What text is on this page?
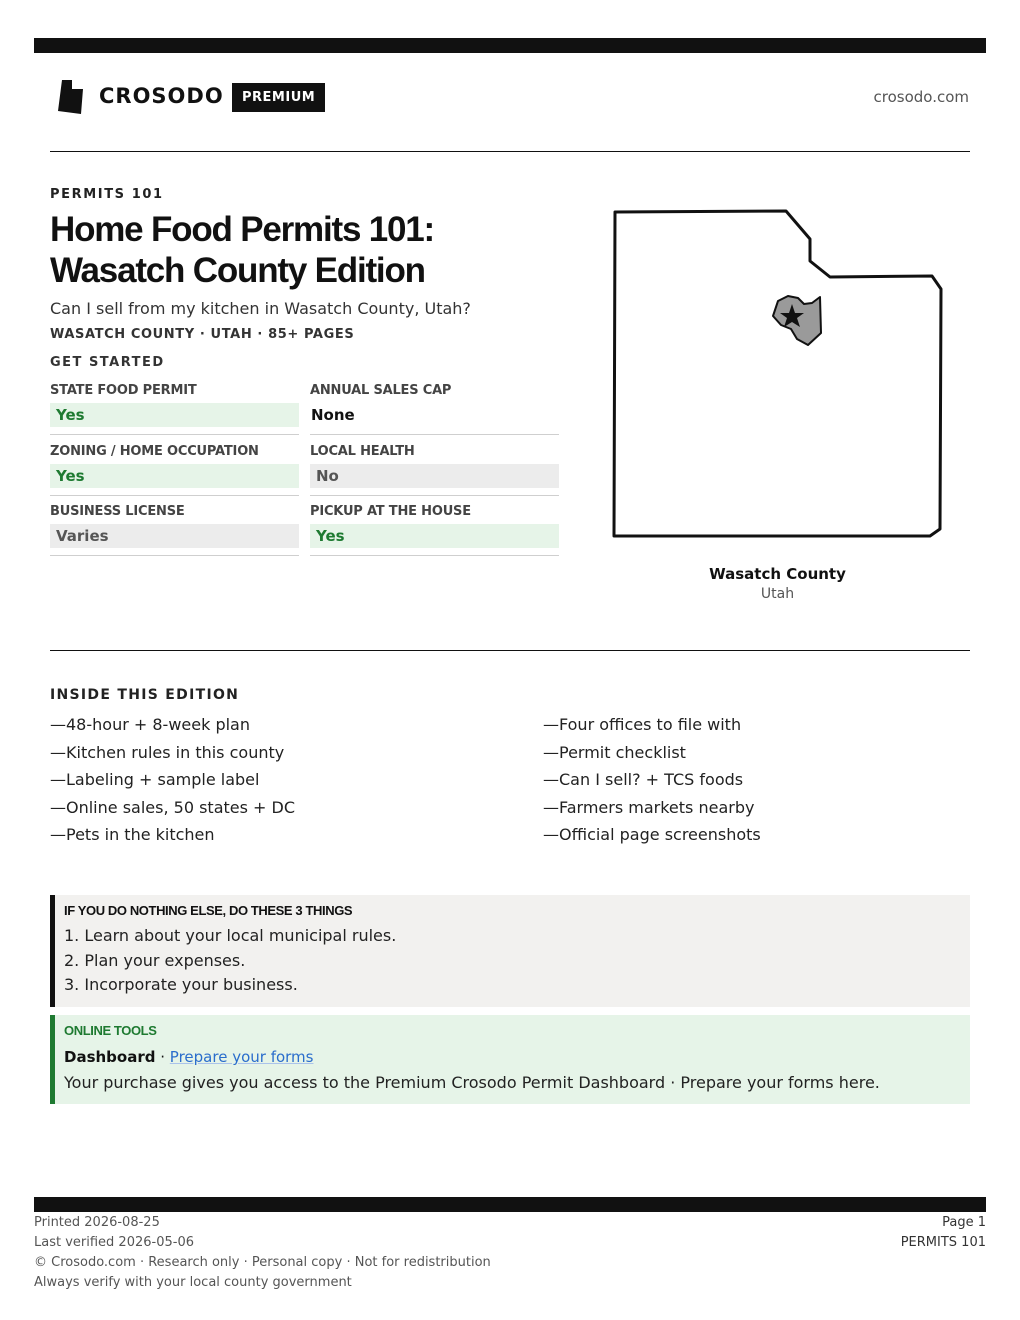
CROSODO	PREMIUM	crosodo.com
PERMITS 101
Home Food Permits 101:
Wasatch County Edition
Can I sell from my kitchen in Wasatch County, Utah?
WASATCH COUNTY · UTAH · 85+ PAGES
GET STARTED
STATE FOOD PERMIT
Yes
ANNUAL SALES CAP
None
ZONING / HOME OCCUPATION
Yes
LOCAL HEALTH
No
BUSINESS LICENSE
Varies
PICKUP AT THE HOUSE
Yes
Wasatch County
Utah
INSIDE THIS EDITION
—48-hour + 8-week plan
—Kitchen rules in this county
—Labeling + sample label
—Online sales, 50 states + DC
—Pets in the kitchen
—Four offices to file with
—Permit checklist
—Can I sell? + TCS foods
—Farmers markets nearby
—Official page screenshots
IF YOU DO NOTHING ELSE, DO THESE 3 THINGS
1. Learn about your local municipal rules.
2. Plan your expenses.
3. Incorporate your business.
ONLINE TOOLS
Dashboard · Prepare your forms
Your purchase gives you access to the Premium Crosodo Permit Dashboard · Prepare your forms here.
Printed 2026-08-25
Last verified 2026-05-06
© Crosodo.com · Research only · Personal copy · Not for redistribution
Always verify with your local county government
Page 1
PERMITS 101
